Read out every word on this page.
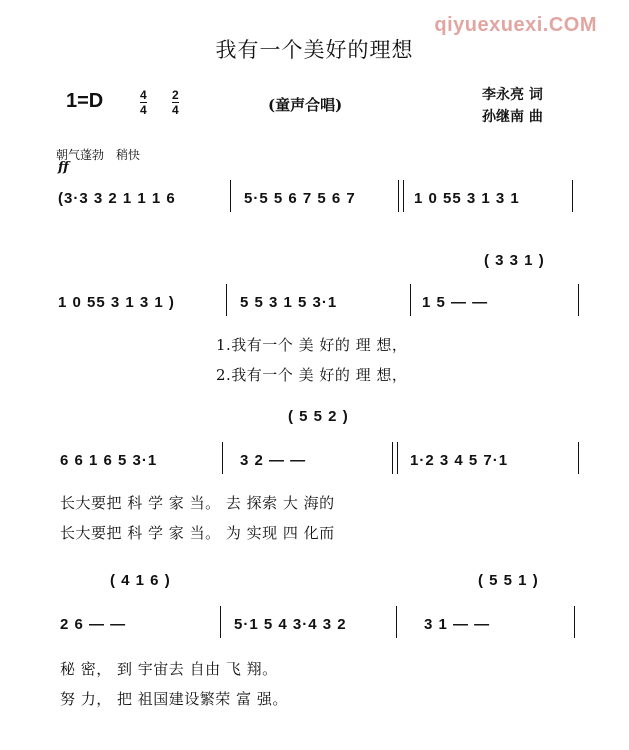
qiyuexuexi.COM
我有一个美好的理想
1=D	4
4
2
4	(童声合唱)
李永亮 词
孙继南 曲
朝气蓬勃　稍快
ff
(3·3 3 2 1 1 1 6	5·5 5 6 7 5 6 7	1 0 55 3 1 3 1
( 3 3 1 )
1 0 55 3 1 3 1 )	5 5 3 1 5 3·1	1 5 — —
1.我有一个 美 好的 理 想，
2.我有一个 美 好的 理 想，
( 5 5 2 )
6 6 1 6 5 3·1	3 2 — —	1·2 3 4 5 7·1
长大要把 科 学 家 当。 去 探索 大 海的
长大要把 科 学 家 当。 为 实现 四 化而
( 4 1 6 )	( 5 5 1 )
2 6 — —	5·1 5 4 3·4 3 2	3 1 — —
秘 密， 到 宇宙去 自由 飞 翔。
努 力， 把 祖国建设繁荣 富 强。
